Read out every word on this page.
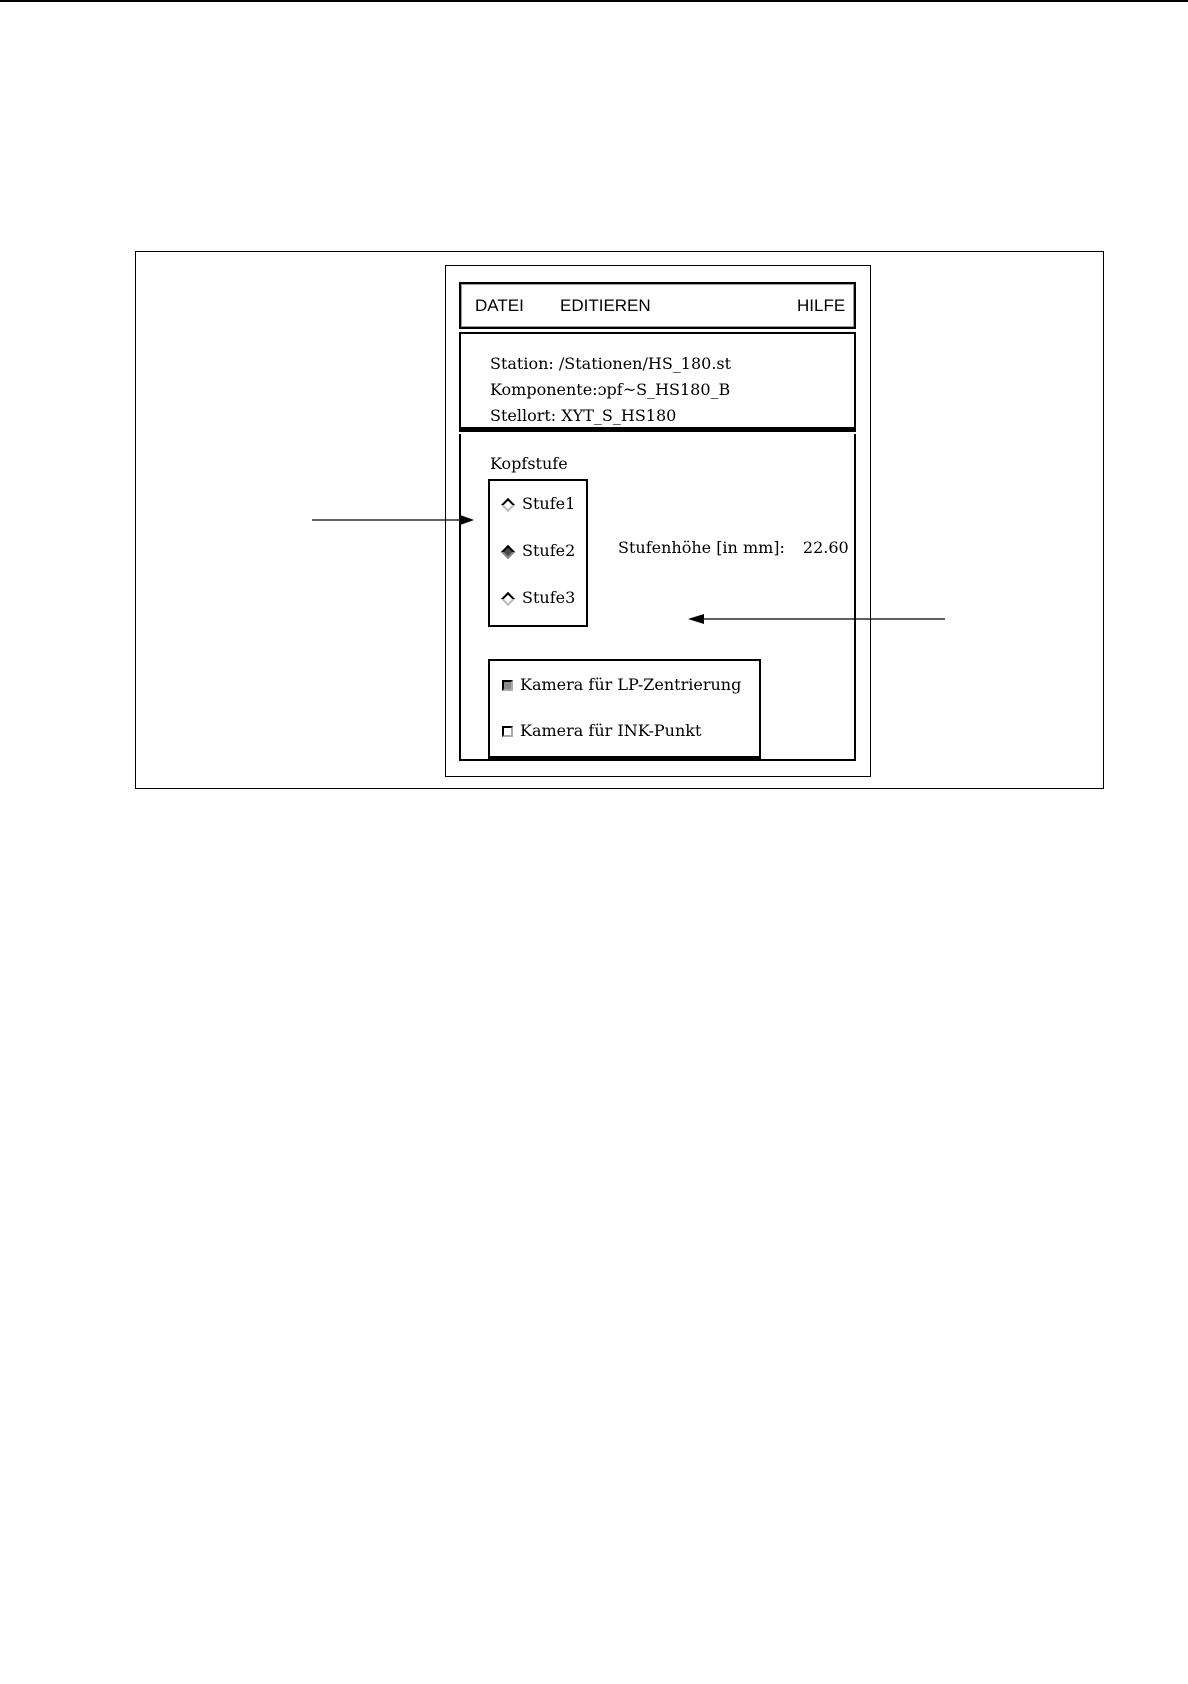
DATEI EDITIEREN	HILFE
Station: /Stationen/HS_180.st
Komponente:ɔpf~S_HS180_B
Stellort: XYT_S_HS180
Kopfstufe
Stufe1
Stufe2
Stufe3
Stufenhöhe [in mm]: 22.60
Kamera für LP-Zentrierung
Kamera für INK-Punkt
